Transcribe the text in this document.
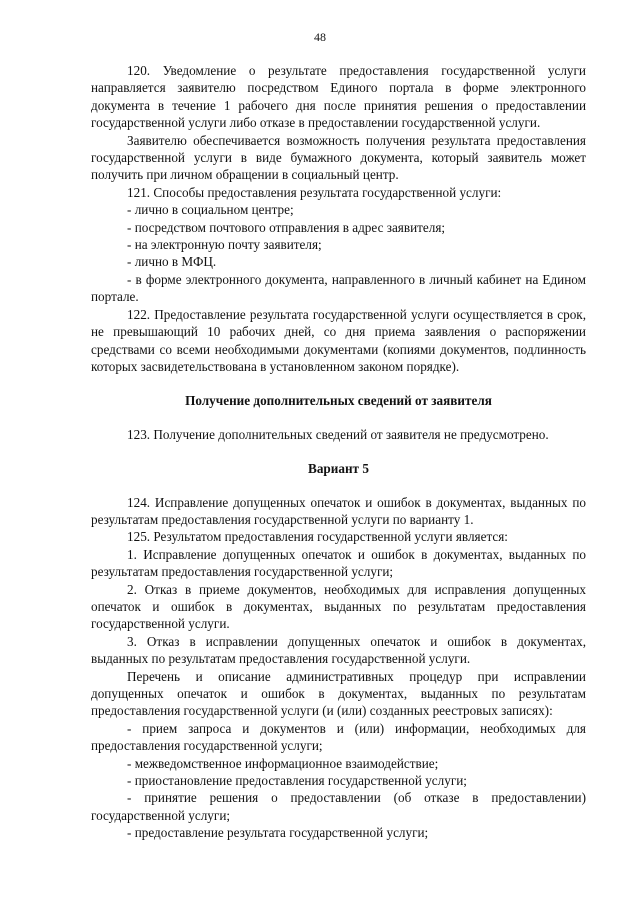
48

120. Уведомление о результате предоставления государственной услуги направляется заявителю посредством Единого портала в форме электронного документа в течение 1 рабочего дня после принятия решения о предоставлении государственной услуги либо отказе в предоставлении государственной услуги.

Заявителю обеспечивается возможность получения результата предоставления государственной услуги в виде бумажного документа, который заявитель может получить при личном обращении в социальный центр.

121. Способы предоставления результата государственной услуги:

- лично в социальном центре;

- посредством почтового отправления в адрес заявителя;

- на электронную почту заявителя;

- лично в МФЦ.

- в форме электронного документа, направленного в личный кабинет на Едином портале.

122. Предоставление результата государственной услуги осуществляется в срок, не превышающий 10 рабочих дней, со дня приема заявления о распоряжении средствами со всеми необходимыми документами (копиями документов, подлинность которых засвидетельствована в установленном законом порядке).

Получение дополнительных сведений от заявителя

123. Получение дополнительных сведений от заявителя не предусмотрено.

Вариант 5

124. Исправление допущенных опечаток и ошибок в документах, выданных по результатам предоставления государственной услуги по варианту 1.

125. Результатом предоставления государственной услуги является:

1. Исправление допущенных опечаток и ошибок в документах, выданных по результатам предоставления государственной услуги;

2. Отказ в приеме документов, необходимых для исправления допущенных опечаток и ошибок в документах, выданных по результатам предоставления государственной услуги.

3. Отказ в исправлении допущенных опечаток и ошибок в документах, выданных по результатам предоставления государственной услуги.

Перечень и описание административных процедур при исправлении допущенных опечаток и ошибок в документах, выданных по результатам предоставления государственной услуги (и (или) созданных реестровых записях):

- прием запроса и документов и (или) информации, необходимых для предоставления государственной услуги;

- межведомственное информационное взаимодействие;

- приостановление предоставления государственной услуги;

- принятие решения о предоставлении (об отказе в предоставлении) государственной услуги;

- предоставление результата государственной услуги;
